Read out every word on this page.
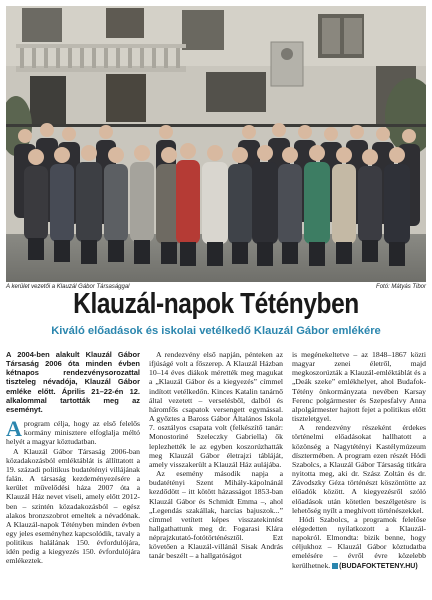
A kerület vezetői a Klauzál Gábor Társasággal	Fotó: Mátyás Tibor
Klauzál-napok Tétényben
Kiváló előadások és iskolai vetélkedő Klauzál Gábor emlékére

A 2004-ben alakult Klauzál Gábor Társaság 2006 óta minden évben kétnapos rendezvénysorozattal tiszteleg névadója, Klauzál Gábor emléke előtt. Április 21–22-én 12. alkalommal tartották meg az eseményt.

Aprogram célja, hogy az első felelős kormány minisztere elfoglalja méltó helyét a magyar köztudatban.

A Klauzál Gábor Társaság 2006-ban közadakozásból emléktáblát is állíttatott a 19. századi politikus budatétényi villájának falán. A társaság kezdeményezésére a kerület művelődési háza 2007 óta a Klauzál Ház nevet viseli, amely előtt 2012-ben – szintén közadakozásból – egész alakos bronzszobrot emeltek a névadónak. A Klauzál-napok Tétényben minden évben egy jeles eseményhez kapcsolódik, tavaly a politikus halálának 150. évfordulójára, idén pedig a kiegyezés 150. évfordulójára emlékeztek.

A rendezvény első napján, pénteken az ifjúságé volt a főszerep. A Klauzál Házban 10–14 éves diákok mérették meg magukat a „Klauzál Gábor és a kiegyezés” címmel indított vetélkedőn. Kinces Katalin tanárnő által vezetett – verselésből, dalból és háromfős csapatok versengett egymással. A győztes a Baross Gábor Általános Iskola 7. osztályos csapata volt (felkészítő tanár: Monostoriné Szeleczky Gabriella) ők leplezhették le az egyben koszorúzhatták meg Klauzál Gábor életrajzi tábláját, amely visszakerült a Klauzál Ház aulájába.

Az esemény második napja a budatétényi Szent Mihály-kápolnánál kezdődött – itt kötött házasságot 1853-ban Klauzál Gábor és Schmidt Emma –, ahol „Legendás szakállak, harcias bajuszok...” címmel vetített képes visszatekintést hallgathattunk meg dr. Fogarasi Klára néprajzkutató-fotótörténésztől. Ezt követően a Klauzál-villánál Sisak András tanár beszélt – a hallgatóságot

is megénekeltetve – az 1848–1867 közti magyar zenei életről, majd megkoszorúzták a Klauzál-emléktáblát és a „Deák szeke” emlékhelyet, ahol Budafok-Tétény önkormányzata nevében Karsay Ferenc polgármester és Szepesfalvy Anna alpolgármester hajtott fejet a politikus előtt tiszteletgyel.

A rendezvény részeként érdekes történelmi előadásokat hallhatott a közönség a Nagytétényi Kastélymúzeum dísztermében. A program ezen részét Hódi Szabolcs, a Klauzál Gábor Társaság titkára nyitotta meg, aki dr. Szász Zoltán és dr. Závodszky Géza történészt köszöntötte az előadók között. A kiegyezésről szóló előadások után kötetlen beszélgetésre is lehetőség nyílt a meghívott történészekkel.

Hódi Szabolcs, a programok felelőse elégedetten nyilatkozott a Klauzál-napokról. Elmondta: bizik benne, hogy céljukhoz – Klauzál Gábor köztudatba emelésére – évről évre közelebb kerülhetnek. (BUDAFOKTETENY.HU)
